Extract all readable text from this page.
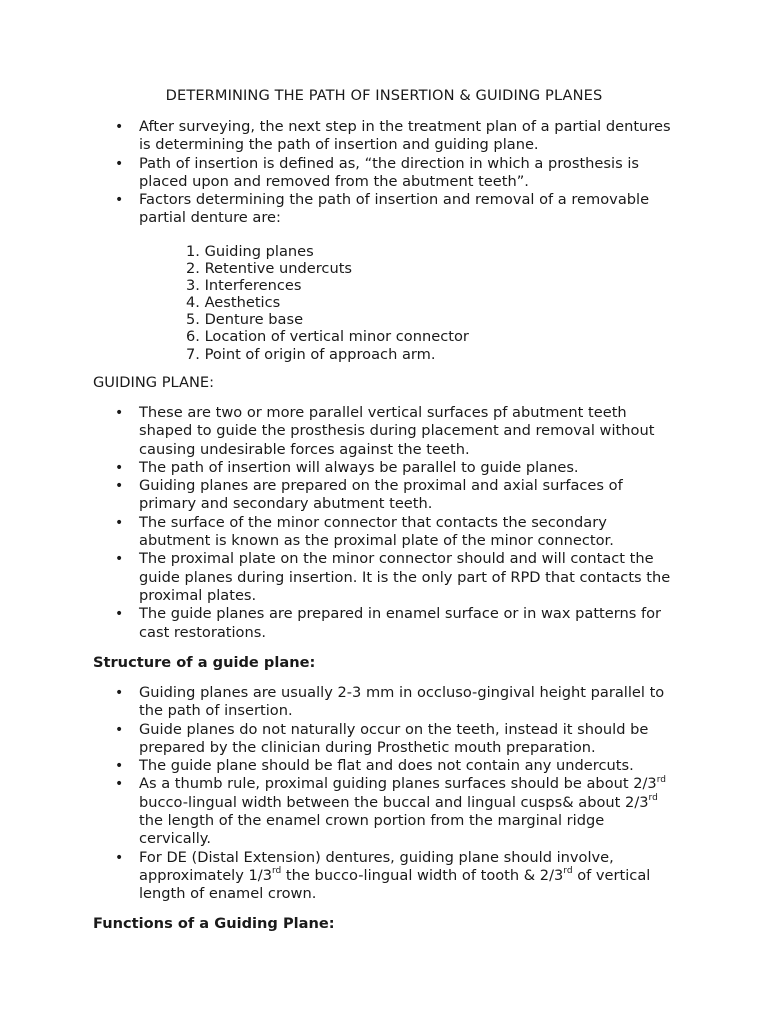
DETERMINING THE PATH OF INSERTION & GUIDING PLANES
• After surveying, the next step in the treatment plan of a partial dentures is determining the path of insertion and guiding plane.
• Path of insertion is defined as, “the direction in which a prosthesis is placed upon and removed from the abutment teeth”.
• Factors determining the path of insertion and removal of a removable partial denture are:
1. Guiding planes
2. Retentive undercuts
3. Interferences
4. Aesthetics
5. Denture base
6. Location of vertical minor connector
7. Point of origin of approach arm.
GUIDING PLANE:
• These are two or more parallel vertical surfaces pf abutment teeth shaped to guide the prosthesis during placement and removal without causing undesirable forces against the teeth.
• The path of insertion will always be parallel to guide planes.
• Guiding planes are prepared on the proximal and axial surfaces of primary and secondary abutment teeth.
• The surface of the minor connector that contacts the secondary abutment is known as the proximal plate of the minor connector.
• The proximal plate on the minor connector should and will contact the guide planes during insertion. It is the only part of RPD that contacts the proximal plates.
• The guide planes are prepared in enamel surface or in wax patterns for cast restorations.
Structure of a guide plane:
• Guiding planes are usually 2-3 mm in occluso-gingival height parallel to the path of insertion.
• Guide planes do not naturally occur on the teeth, instead it should be prepared by the clinician during Prosthetic mouth preparation.
• The guide plane should be flat and does not contain any undercuts.
• As a thumb rule, proximal guiding planes surfaces should be about 2/3rd bucco-lingual width between the buccal and lingual cusps& about 2/3rd the length of the enamel crown portion from the marginal ridge cervically.
• For DE (Distal Extension) dentures, guiding plane should involve, approximately 1/3rd the bucco-lingual width of tooth & 2/3rd of vertical length of enamel crown.
Functions of a Guiding Plane:
